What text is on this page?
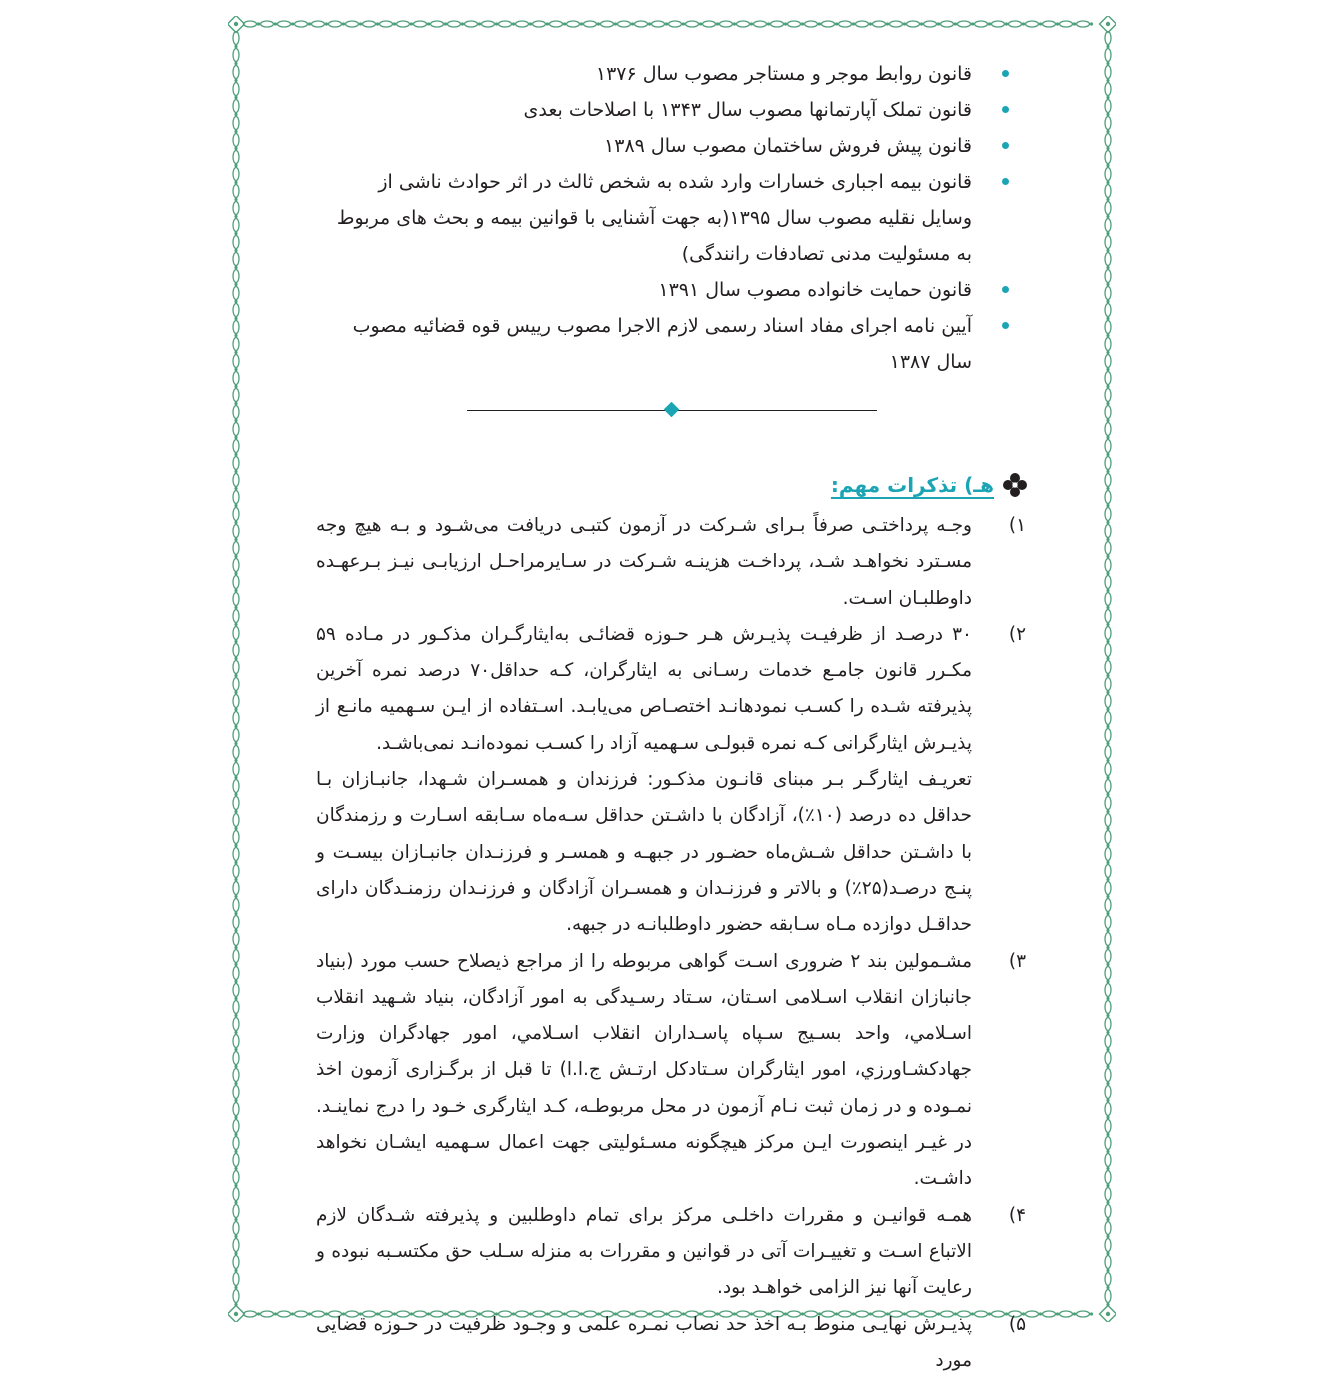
قانون روابط موجر و مستاجر مصوب سال ۱۳۷۶
قانون تملک آپارتمانها مصوب سال ۱۳۴۳ با اصلاحات بعدی
قانون پیش فروش ساختمان مصوب سال ۱۳۸۹
قانون بیمه اجباری خسارات وارد شده به شخص ثالث در اثر حوادث ناشی از وسایل نقلیه مصوب سال ۱۳۹۵(به جهت آشنایی با قوانین بیمه و بحث های مربوط به مسئولیت مدنی تصادفات رانندگی)
قانون حمایت خانواده مصوب سال ۱۳۹۱
آیین نامه اجرای مفاد اسناد رسمی لازم الاجرا مصوب رییس قوه قضائیه مصوب سال ۱۳۸۷
هـ) تذکرات مهم:
۱)

وجـه پرداختـی صرفاً بـرای شـرکت در آزمون کتبـی دریافت می‌شـود و بـه هیچ وجه مسـترد نخواهـد شـد، پرداخـت هزینـه شـرکت در سـایرمراحـل ارزیابـی نیـز بـرعهـده داوطلبـان اسـت.

۲)

۳۰ درصـد از ظرفیـت پذیـرش هـر حـوزه قضائـی به‌ایثارگـران مذکـور در مـاده ۵۹ مکـرر قانون جامـع خدمات رسـانی به ایثارگران، کـه حداقل۷۰ درصد نمره آخرین پذیرفته شـده را کسـب نمودهانـد اختصـاص می‌یابـد. اسـتفاده از ایـن سـهمیه مانـع از پذیـرش ایثارگرانی کـه نمره قبولـی سـهمیه آزاد را کسـب نموده‌انـد نمی‌باشـد.

تعریـف ایثارگـر بـر مبنای قانـون مذکـور: فرزندان و همسـران شـهدا، جانبـازان بـا حداقل ده درصد (۱۰٪)، آزادگان با داشـتن حداقل سـه‌ماه سـابقه اسـارت و رزمندگان با داشـتن حداقل شـش‌ماه حضـور در جبهـه و همسـر و فرزنـدان جانبـازان بیسـت و پنـج درصـد(۲۵٪) و بالاتر و فرزنـدان و همسـران آزادگان و فرزنـدان رزمنـدگان دارای حداقـل دوازده مـاه سـابقه حضور داوطلبانـه در جبهه.

۳)

مشـمولین بند ۲ ضروری اسـت گواهی مربوطه را از مراجع ذیصلاح حسب مورد (بنیاد جانبازان انقلاب اسـلامی اسـتان، سـتاد رسـیدگی به امور آزادگان، بنیاد شـهید انقلاب اسـلامي، واحد بسـیج سـپاه پاسـداران انقلاب اسـلامي، امور جهادگران وزارت جهادكشـاورزي، امور ايثارگران سـتادکل ارتـش ج.ا.ا) تا قبل از برگـزاری آزمون اخذ نمـوده و در زمان ثبت نـام آزمون در محل مربوطـه، کـد ایثارگری خـود را درج نماینـد. در غیـر اینصورت ایـن مرکز هیچگونه مسـئولیتی جهت اعمال سـهمیه ایشـان نخواهد داشـت.

۴)

همـه قوانیـن و مقررات داخلـی مرکز برای تمام داوطلبین و پذیرفته شـدگان لازم الاتباع اسـت و تغییـرات آتی در قوانین و مقررات به منزله سـلب حق مکتسـبه نبوده و رعایت آنها نیز الزامی خواهـد بود.

۵)

پذیـرش نهایـی منوط بـه اخذ حد نصاب نمـره علمی و وجـود ظرفیت در حـوزه قضایی مورد
